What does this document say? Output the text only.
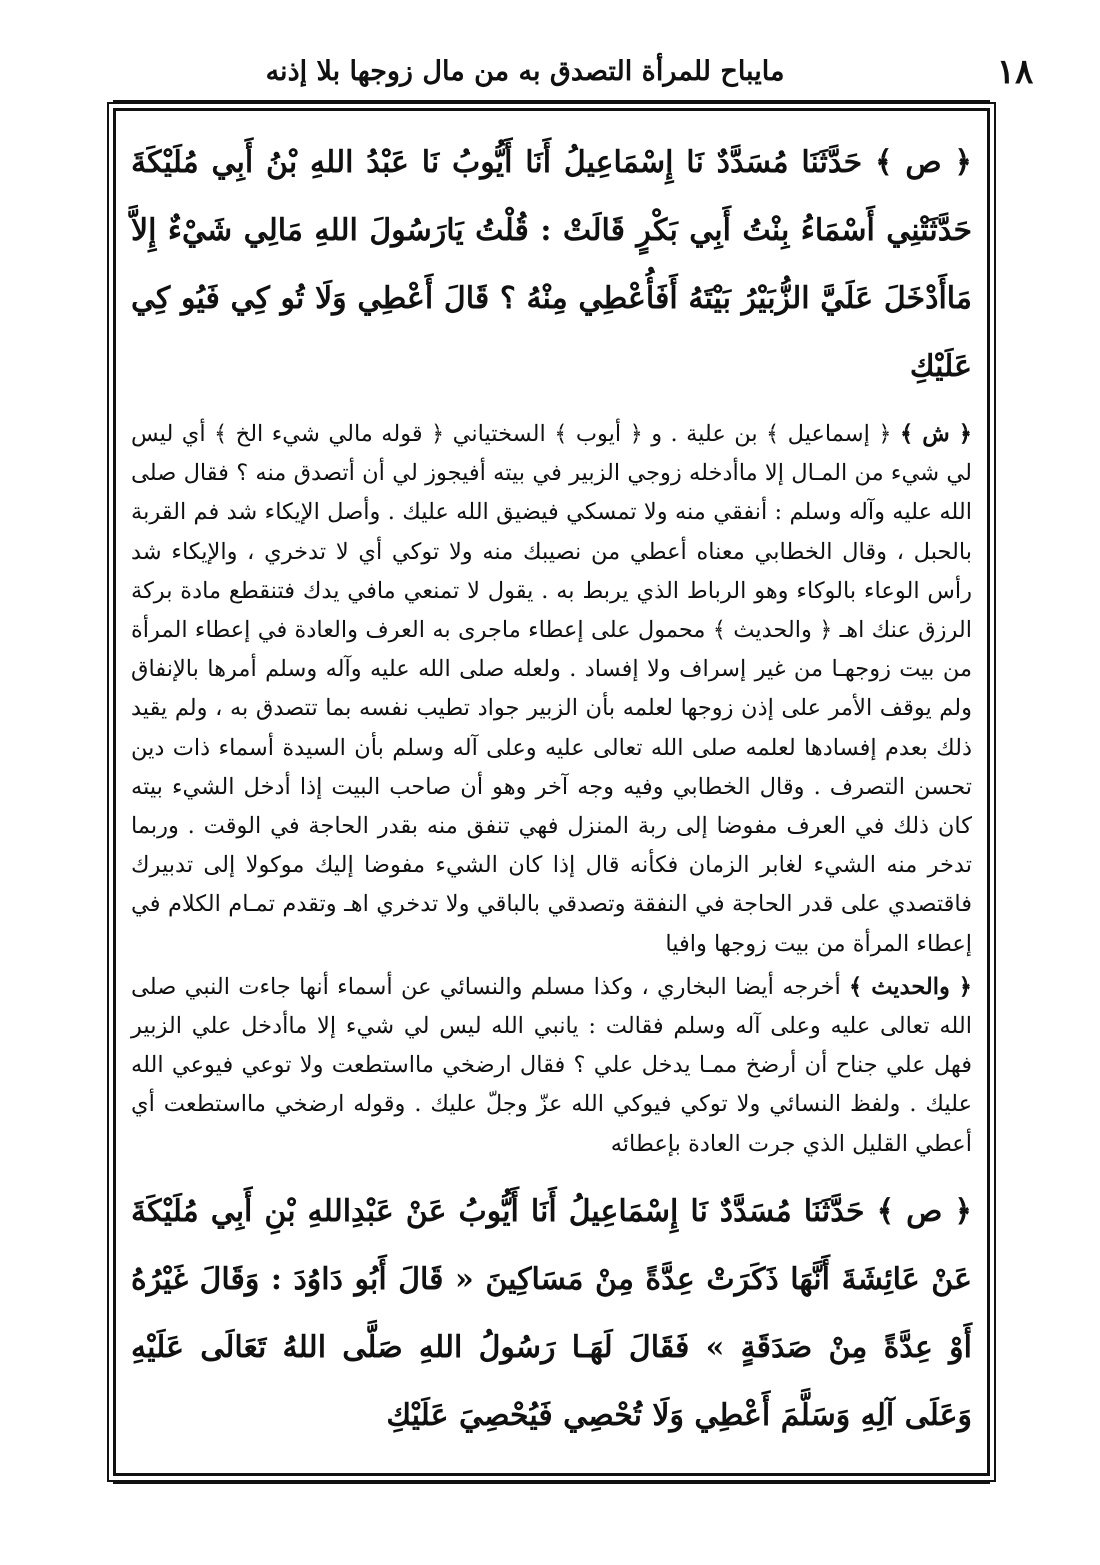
١٨
مايباح للمرأة التصدق به من مال زوجها بلا إذنه

﴿ ص ﴾ حَدَّثَنَا مُسَدَّدٌ نَا إِسْمَاعِيلُ أَنَا أَيُّوبُ نَا عَبْدُ اللهِ بْنُ أَبِي مُلَيْكَةَ حَدَّثَتْنِي أَسْمَاءُ بِنْتُ أَبِي بَكْرٍ قَالَتْ : قُلْتُ يَارَسُولَ اللهِ مَالِي شَيْءٌ إِلاَّ مَاأَدْخَلَ عَلَيَّ الزُّبَيْرُ بَيْتَهُ أَفَأُعْطِي مِنْهُ ؟ قَالَ أَعْطِي وَلَا تُو كِي فَيُو كِي عَلَيْكِ

﴿ ش ﴾ ﴿ إسماعيل ﴾ بن علية . و ﴿ أيوب ﴾ السختياني ﴿ قوله مالي شيء الخ ﴾ أي ليس لي شيء من المـال إلا ماأدخله زوجي الزبير في بيته أفيجوز لي أن أتصدق منه ؟ فقال صلى الله عليه وآله وسلم : أنفقي منه ولا تمسكي فيضيق الله عليك . وأصل الإيكاء شد فم القربة بالحبل ، وقال الخطابي معناه أعطي من نصيبك منه ولا توكي أي لا تدخري ، والإيكاء شد رأس الوعاء بالوكاء وهو الرباط الذي يربط به . يقول لا تمنعي مافي يدك فتنقطع مادة بركة الرزق عنك اهـ ﴿ والحديث ﴾ محمول على إعطاء ماجرى به العرف والعادة في إعطاء المرأة من بيت زوجهـا من غير إسراف ولا إفساد . ولعله صلى الله عليه وآله وسلم أمرها بالإنفاق ولم يوقف الأمر على إذن زوجها لعلمه بأن الزبير جواد تطيب نفسه بما تتصدق به ، ولم يقيد ذلك بعدم إفسادها لعلمه صلى الله تعالى عليه وعلى آله وسلم بأن السيدة أسماء ذات دين تحسن التصرف . وقال الخطابي وفيه وجه آخر وهو أن صاحب البيت إذا أدخل الشيء بيته كان ذلك في العرف مفوضا إلى ربة المنزل فهي تنفق منه بقدر الحاجة في الوقت . وربما تدخر منه الشيء لغابر الزمان فكأنه قال إذا كان الشيء مفوضا إليك موكولا إلى تدبيرك فاقتصدي على قدر الحاجة في النفقة وتصدقي بالباقي ولا تدخري اهـ وتقدم تمـام الكلام في إعطاء المرأة من بيت زوجها وافيا

﴿ والحديث ﴾ أخرجه أيضا البخاري ، وكذا مسلم والنسائي عن أسماء أنها جاءت النبي صلى الله تعالى عليه وعلى آله وسلم فقالت : يانبي الله ليس لي شيء إلا ماأدخل علي الزبير فهل علي جناح أن أرضخ ممـا يدخل علي ؟ فقال ارضخي مااستطعت ولا توعي فيوعي الله عليك . ولفظ النسائي ولا توكي فيوكي الله عزّ وجلّ عليك . وقوله ارضخي مااستطعت أي أعطي القليل الذي جرت العادة بإعطائه

﴿ ص ﴾ حَدَّثَنَا مُسَدَّدٌ نَا إِسْمَاعِيلُ أَنَا أَيُّوبُ عَنْ عَبْدِاللهِ بْنِ أَبِي مُلَيْكَةَ عَنْ عَائِشَةَ أَنَّهَا ذَكَرَتْ عِدَّةً مِنْ مَسَاكِينَ « قَالَ أَبُو دَاوُدَ : وَقَالَ غَيْرُهُ أَوْ عِدَّةً مِنْ صَدَقَةٍ » فَقَالَ لَهَـا رَسُولُ اللهِ صَلَّى اللهُ تَعَالَى عَلَيْهِ وَعَلَى آلِهِ وَسَلَّمَ أَعْطِي وَلَا تُحْصِي فَيُحْصِيَ عَلَيْكِ
